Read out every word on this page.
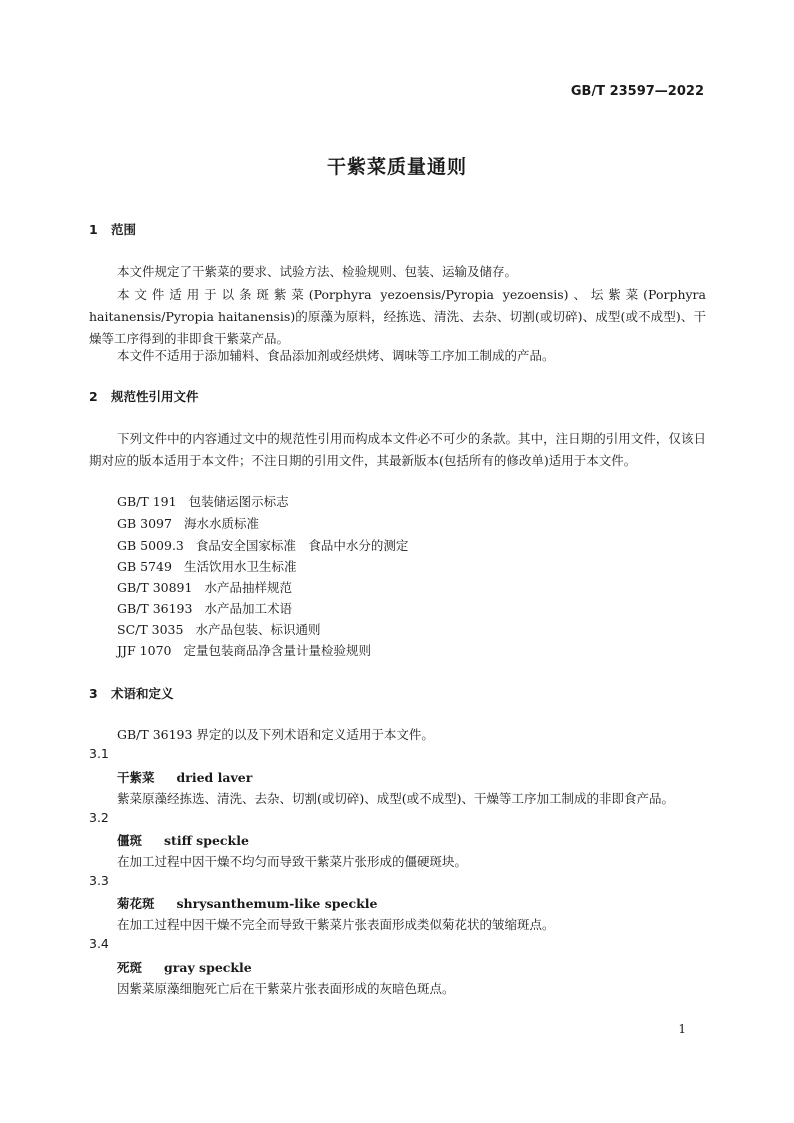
GB/T 23597—2022
干紫菜质量通则
1 范围
本文件规定了干紫菜的要求、试验方法、检验规则、包装、运输及储存。
本文件适用于以条斑紫菜(Porphyra yezoensis/Pyropia yezoensis)、坛紫菜(Porphyra haitanensis/Pyropia haitanensis)的原藻为原料，经拣选、清洗、去杂、切割(或切碎)、成型(或不成型)、干燥等工序得到的非即食干紫菜产品。
本文件不适用于添加辅料、食品添加剂或经烘烤、调味等工序加工制成的产品。
2 规范性引用文件
下列文件中的内容通过文中的规范性引用而构成本文件必不可少的条款。其中，注日期的引用文件，仅该日期对应的版本适用于本文件；不注日期的引用文件，其最新版本(包括所有的修改单)适用于本文件。
GB/T 191 包装储运图示标志
GB 3097 海水水质标准
GB 5009.3 食品安全国家标准　食品中水分的测定
GB 5749 生活饮用水卫生标准
GB/T 30891 水产品抽样规范
GB/T 36193 水产品加工术语
SC/T 3035 水产品包装、标识通则
JJF 1070 定量包装商品净含量计量检验规则
3 术语和定义
GB/T 36193 界定的以及下列术语和定义适用于本文件。
3.1
干紫菜 dried laver
紫菜原藻经拣选、清洗、去杂、切割(或切碎)、成型(或不成型)、干燥等工序加工制成的非即食产品。
3.2
僵斑 stiff speckle
在加工过程中因干燥不均匀而导致干紫菜片张形成的僵硬斑块。
3.3
菊花斑 shrysanthemum-like speckle
在加工过程中因干燥不完全而导致干紫菜片张表面形成类似菊花状的皱缩斑点。
3.4
死斑 gray speckle
因紫菜原藻细胞死亡后在干紫菜片张表面形成的灰暗色斑点。
1
